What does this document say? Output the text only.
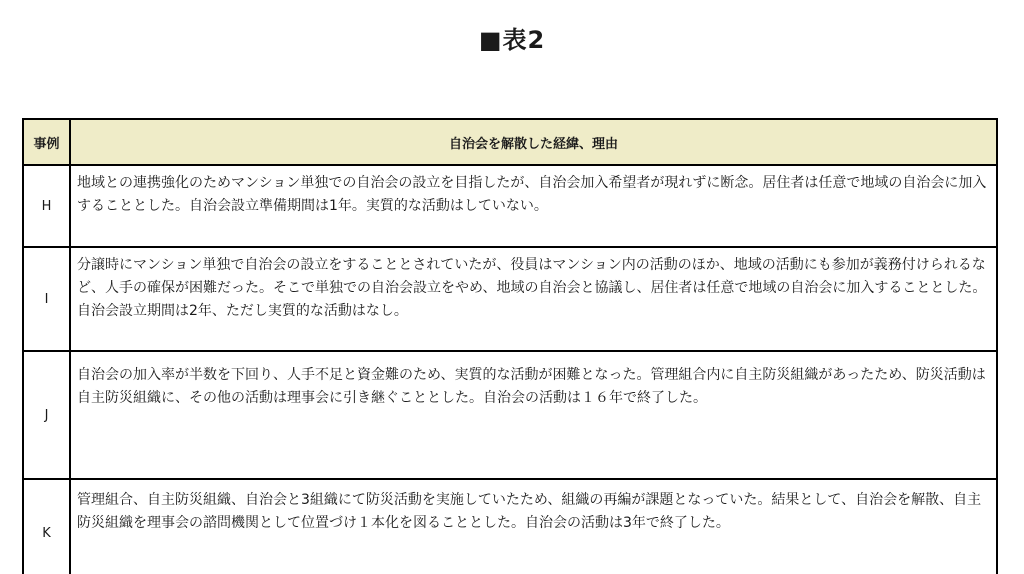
■表2
事例	自治会を解散した経緯、理由
H	地域との連携強化のためマンション単独での自治会の設立を目指したが、自治会加入希望者が現れずに断念。居住者は任意で地域の自治会に加入することとした。自治会設立準備期間は1年。実質的な活動はしていない。
I	分譲時にマンション単独で自治会の設立をすることとされていたが、役員はマンション内の活動のほか、地域の活動にも参加が義務付けられるなど、人手の確保が困難だった。そこで単独での自治会設立をやめ、地域の自治会と協議し、居住者は任意で地域の自治会に加入することとした。自治会設立期間は2年、ただし実質的な活動はなし。
J	自治会の加入率が半数を下回り、人手不足と資金難のため、実質的な活動が困難となった。管理組合内に自主防災組織があったため、防災活動は自主防災組織に、その他の活動は理事会に引き継ぐこととした。自治会の活動は１６年で終了した。
K	管理組合、自主防災組織、自治会と3組織にて防災活動を実施していたため、組織の再編が課題となっていた。結果として、自治会を解散、自主防災組織を理事会の諮問機関として位置づけ１本化を図ることとした。自治会の活動は3年で終了した。
